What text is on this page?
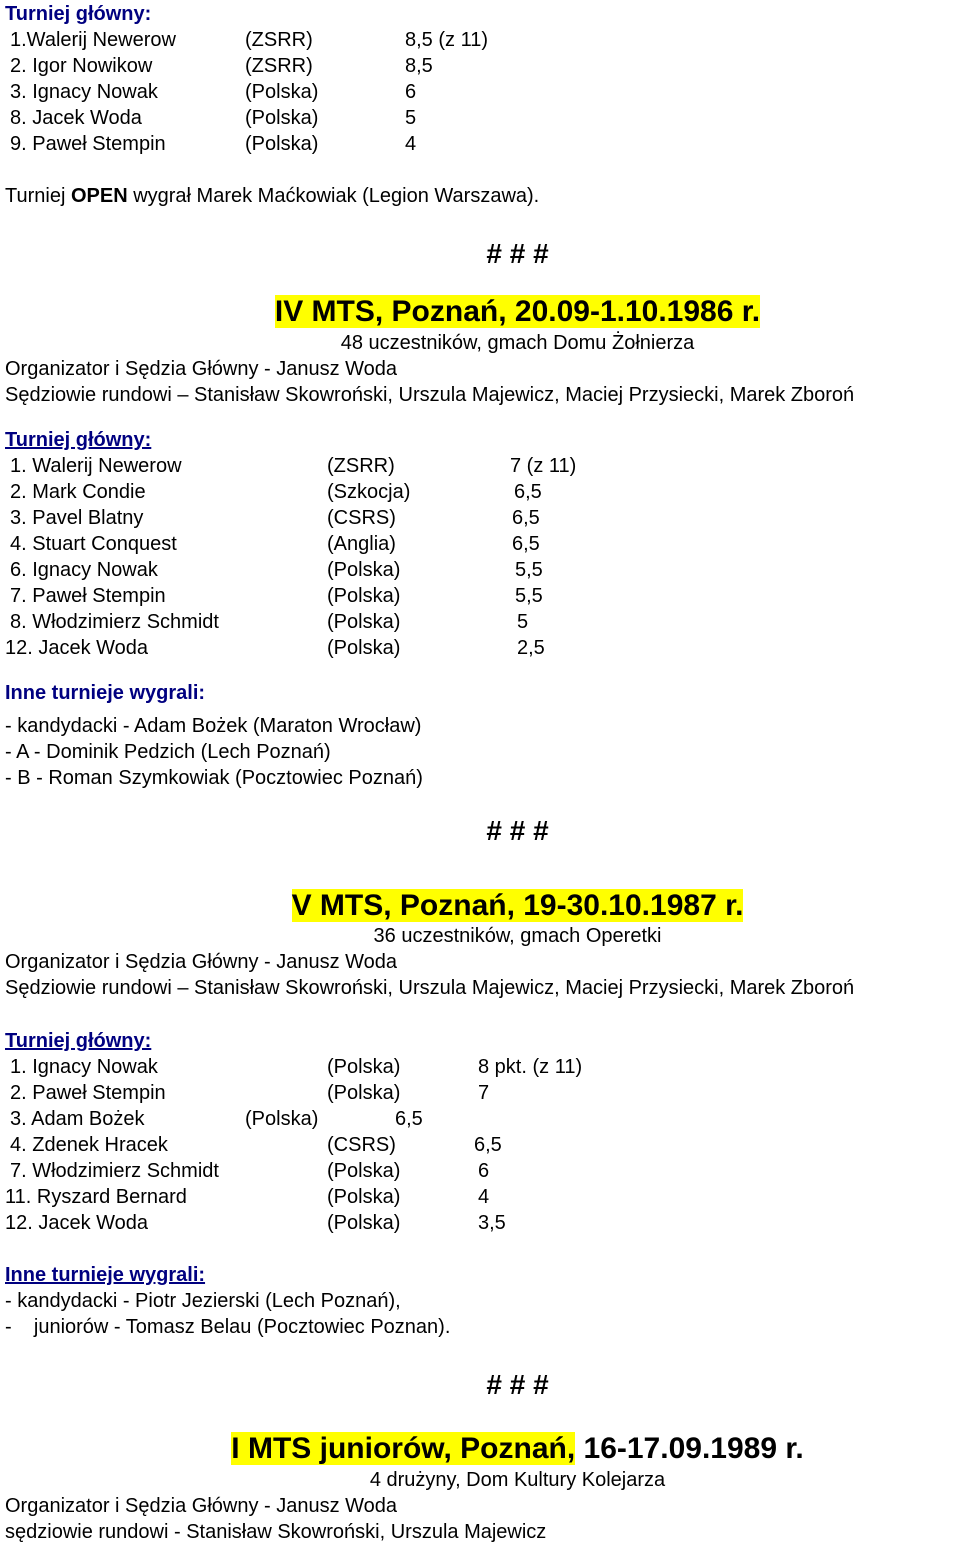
Turniej główny:
1.Walerij Newerow	(ZSRR)	8,5 (z 11)
2. Igor Nowikow	(ZSRR)	8,5
3. Ignacy Nowak	(Polska)	6
8. Jacek Woda	(Polska)	5
9. Paweł Stempin	(Polska)	4
Turniej OPEN wygrał Marek Maćkowiak (Legion Warszawa).
# # #
IV MTS, Poznań, 20.09-1.10.1986 r.
48 uczestników, gmach Domu Żołnierza
Organizator i Sędzia Główny - Janusz Woda
Sędziowie rundowi – Stanisław Skowroński, Urszula Majewicz, Maciej Przysiecki, Marek Zboroń
Turniej główny:
1. Walerij Newerow	(ZSRR)	7 (z 11)
2. Mark Condie	(Szkocja)	6,5
3. Pavel Blatny	(CSRS)	6,5
4. Stuart Conquest	(Anglia)	6,5
6. Ignacy Nowak	(Polska)	5,5
7. Paweł Stempin	(Polska)	5,5
8. Włodzimierz Schmidt	(Polska)	5
12. Jacek Woda	(Polska)	2,5
Inne turnieje wygrali:
- kandydacki - Adam Bożek (Maraton Wrocław)
- A - Dominik Pedzich (Lech Poznań)
- B - Roman Szymkowiak (Pocztowiec Poznań)
# # #
V MTS, Poznań, 19-30.10.1987 r.
36 uczestników, gmach Operetki
Organizator i Sędzia Główny - Janusz Woda
Sędziowie rundowi – Stanisław Skowroński, Urszula Majewicz, Maciej Przysiecki, Marek Zboroń
Turniej główny:
1. Ignacy Nowak	(Polska)	8 pkt. (z 11)
2. Paweł Stempin	(Polska)	7
3. Adam Bożek	(Polska)	6,5
4. Zdenek Hracek	(CSRS)	6,5
7. Włodzimierz Schmidt	(Polska)	6
11. Ryszard Bernard	(Polska)	4
12. Jacek Woda	(Polska)	3,5
Inne turnieje wygrali:
- kandydacki - Piotr Jezierski (Lech Poznań),
-    juniorów - Tomasz Belau (Pocztowiec Poznan).
# # #
I MTS juniorów, Poznań, 16-17.09.1989 r.
4 drużyny, Dom Kultury Kolejarza
Organizator i Sędzia Główny - Janusz Woda
sędziowie rundowi - Stanisław Skowroński, Urszula Majewicz
